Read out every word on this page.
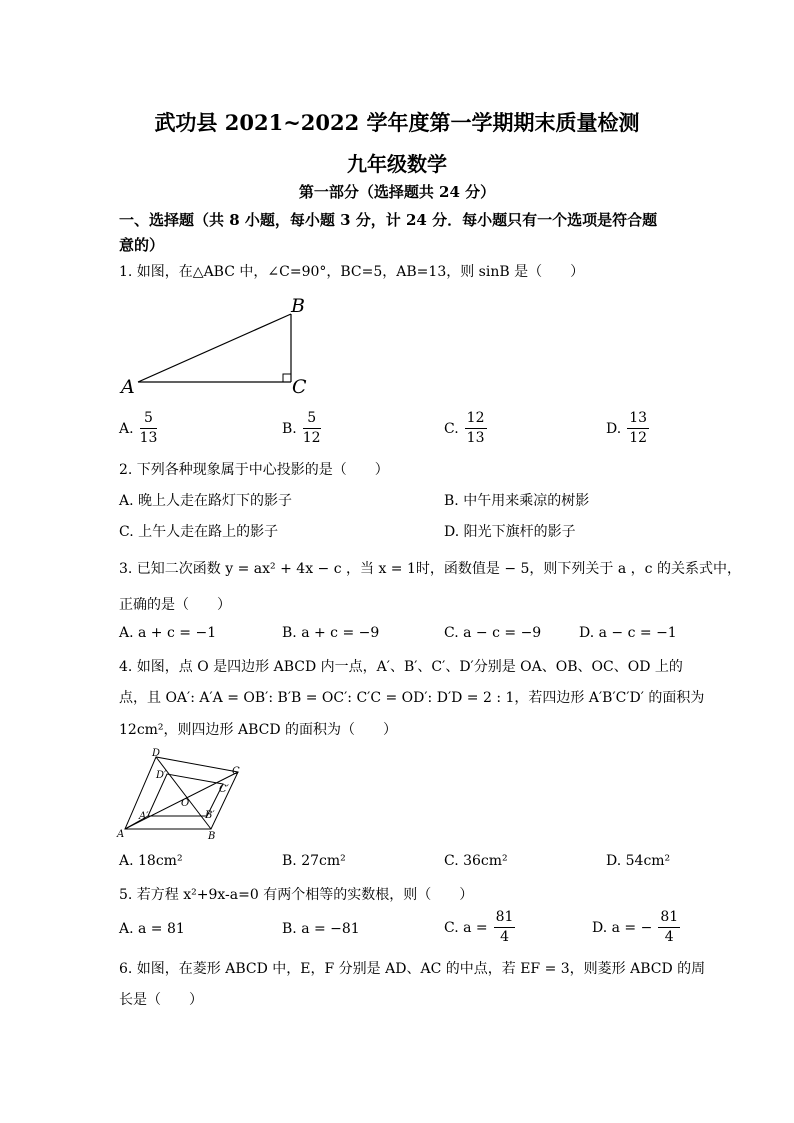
武功县 2021~2022 学年度第一学期期末质量检测
九年级数学
第一部分（选择题共 24 分）
一、选择题（共 8 小题，每小题 3 分，计 24 分．每小题只有一个选项是符合题
意的）
1. 如图，在△ABC 中，∠C=90°，BC=5，AB=13，则 sinB 是（　　）
A
B
C
A. $\frac{5}{13}$	B. $\frac{5}{12}$	C. $\frac{12}{13}$	D. $\frac{13}{12}$
2. 下列各种现象属于中心投影的是（　　）
A. 晚上人走在路灯下的影子	B. 中午用来乘凉的树影
C. 上午人走在路上的影子	D. 阳光下旗杆的影子
3. 已知二次函数 y = ax² + 4x − c ，当 x = 1时，函数值是 − 5，则下列关于 a ，c 的关系式中，
正确的是（　　）
A. a + c = −1	B. a + c = −9	C. a − c = −9	D. a − c = −1
4. 如图，点 O 是四边形 ABCD 内一点，A′、B′、C′、D′分别是 OA、OB、OC、OD 上的
点，且 OA′: A′A = OB′: B′B = OC′: C′C = OD′: D′D = 2 : 1，若四边形 A′B′C′D′ 的面积为
12cm²，则四边形 ABCD 的面积为（　　）
A	B
C
D
O
A′	B′
C′
D′
A. 18cm²	B. 27cm²	C. 36cm²	D. 54cm²
5. 若方程 x²+9x-a=0 有两个相等的实数根，则（　　）
A. a = 81	B. a = −81	C. $a = \frac{81}{4}$	D. a = − $\frac{81}{4}$
6. 如图，在菱形 ABCD 中，E，F 分别是 AD、AC 的中点，若 EF = 3，则菱形 ABCD 的周
长是（　　）
